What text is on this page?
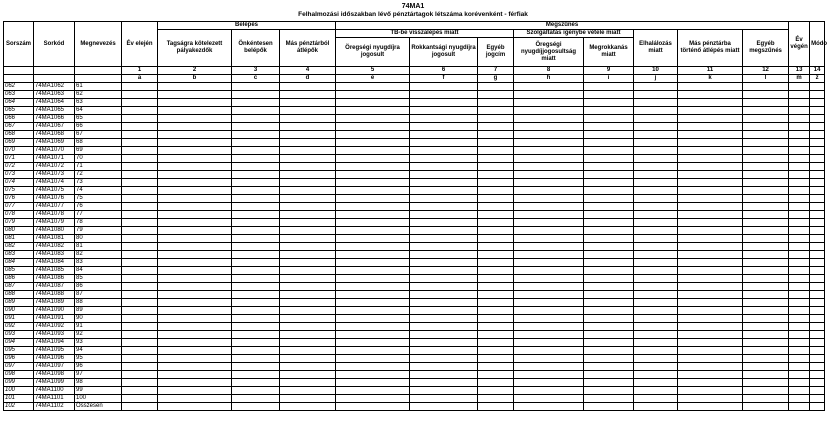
74MA1
Felhalmozási időszakban lévő pénztártagok létszáma korévenként - férfiak
Sorszám	Sorkód	Megnevezés	Év elején	Belépés			Megszűnés								Év végén	Módo
				Tagságra kötelezett pályakezdők	Önkéntesen belépők	Más pénztárból átlépők	TB-be visszalépés miatt			Szolgáltatás igénybe vétele miatt		Elhalálozás miatt	Más pénztárba történő átlépés miatt	Egyéb megszűnés		
							Öregségi nyugdíjra jogosult	Rokkantsági nyugdíjra jogosult	Egyéb jogcím	Öregségi nyugdíjjogosultság miatt	Megrokkanás miatt					
			1	2	3	4	5	6	7	8	9	10	11	12	13	14
			a	b	c	d	e	f	g	h	i	j	k	l	m	z
062	74MA1062	61														
063	74MA1063	62														
064	74MA1064	63														
065	74MA1065	64														
066	74MA1066	65														
067	74MA1067	66														
068	74MA1068	67														
069	74MA1069	68														
070	74MA1070	69														
071	74MA1071	70														
072	74MA1072	71														
073	74MA1073	72														
074	74MA1074	73														
075	74MA1075	74														
076	74MA1076	75														
077	74MA1077	76														
078	74MA1078	77														
079	74MA1079	78														
080	74MA1080	79														
081	74MA1081	80														
082	74MA1082	81														
083	74MA1083	82														
084	74MA1084	83														
085	74MA1085	84														
086	74MA1086	85														
087	74MA1087	86														
088	74MA1088	87														
089	74MA1089	88														
090	74MA1090	89														
091	74MA1091	90														
092	74MA1092	91														
093	74MA1093	92														
094	74MA1094	93														
095	74MA1095	94														
096	74MA1096	95														
097	74MA1097	96														
098	74MA1098	97														
099	74MA1099	98														
100	74MA1100	99														
101	74MA1101	100														
102	74MA1102	Összesen														
